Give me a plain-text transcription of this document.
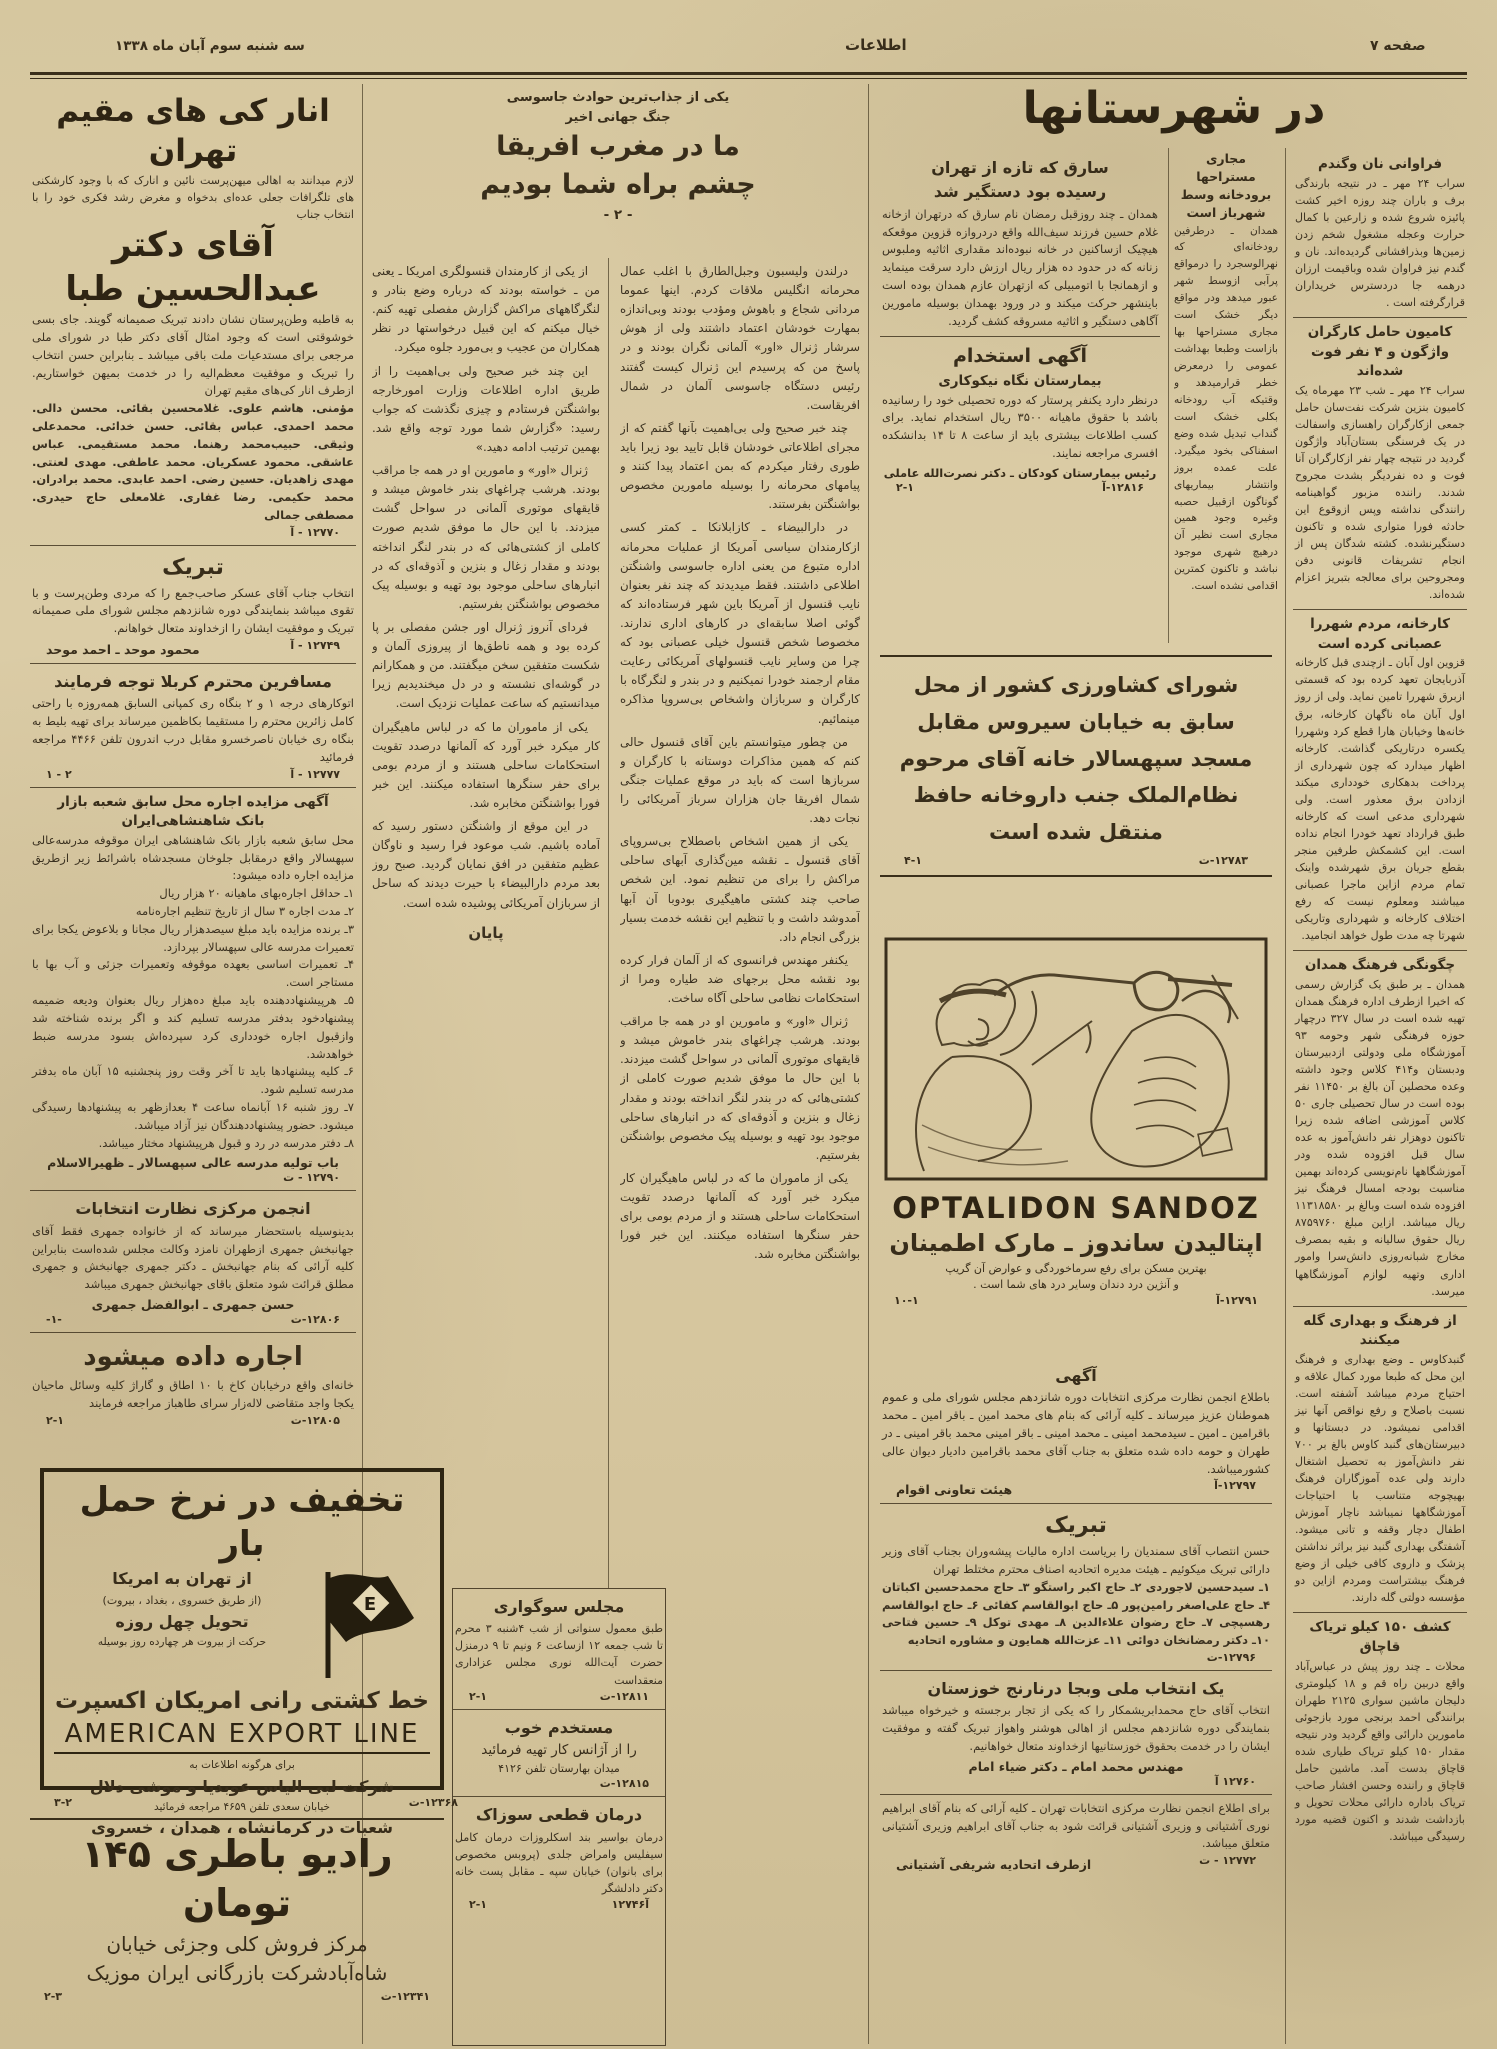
صفحه ۷
اطلاعات
سه شنبه سوم آبان ماه ۱۳۳۸
انار کی های مقیم تهران
لازم میدانند به اهالی میهن‌پرست نائین و انارک که با وجود کارشکنی های تلگرافات جعلی عده‌ای بدخواه و مغرض رشد فکری خود را با انتخاب جناب
آقای دکتر عبدالحسین طبا
به قاطبه وطن‌پرستان نشان دادند تبریک صمیمانه گویند. جای بسی خوشوقتی است که وجود امثال آقای دکتر طبا در شورای ملی مرجعی برای مستدعیات ملت باقی میباشد ـ بنابراین حسن انتخاب را تبریک و موفقیت معظم‌الیه را در خدمت بمیهن خواستاریم. ازطرف انار کی‌های مقیم تهران
مؤمنی. هاشم علوی. غلامحسین بقائی. محسن دالی. محمد احمدی. عباس بقائی. حسن خدائی. محمدعلی وثیقی. حبیب‌محمد رهنما. محمد مستقیمی. عباس عاشقی. محمود عسکریان. محمد عاطفی. مهدی لعنتی. مهدی زاهدیان. حسین رضی. احمد عابدی. محمد برادران. محمد حکیمی. رضا غفاری. غلامعلی حاج حیدری. مصطفی جمالی
۱۲۷۷۰ - آ
تبریک
انتخاب جناب آقای عسکر صاحب‌جمع را که مردی وطن‌پرست و با تقوی میباشد بنمایندگی دوره شانزدهم مجلس شورای ملی صمیمانه تبریک و موفقیت ایشان را ازخداوند متعال خواهانم.
۱۲۷۴۹ - آ
محمود موحد ـ احمد موحد
مسافرین محترم کربلا توجه فرمایند
اتوکارهای درجه ۱ و ۲ بنگاه ری کمپانی السابق همه‌روزه با راحتی کامل زائرین محترم را مستقیما بکاظمین میرساند برای تهیه بلیط به بنگاه ری خیابان ناصرخسرو مقابل درب اندرون تلفن ۴۴۶۶ مراجعه فرمائید
۱۲۷۷۷ - آ
۲ - ۱
آگهی مزایده اجاره محل سابق شعبه بازار
بانک شاهنشاهی‌ایران
محل سابق شعبه بازار بانک شاهنشاهی ایران موقوفه مدرسه‌عالی سپهسالار واقع درمقابل جلوخان مسجدشاه باشرائط زیر ازطریق مزایده اجاره داده میشود:
۱ـ حداقل اجاره‌بهای ماهیانه ۲۰ هزار ریال
۲ـ مدت اجاره ۳ سال از تاریخ تنظیم اجاره‌نامه
۳ـ برنده مزایده باید مبلغ سیصدهزار ریال مجانا و بلاعوض یکجا برای تعمیرات مدرسه عالی سپهسالار بپردازد.
۴ـ تعمیرات اساسی بعهده موقوفه وتعمیرات جزئی و آب بها با مستاجر است.
۵ـ هرپیشنهاددهنده باید مبلغ ده‌هزار ریال بعنوان ودیعه ضمیمه پیشنهادخود بدفتر مدرسه تسلیم کند و اگر برنده شناخته شد وازقبول اجاره خودداری کرد سپرده‌اش بسود مدرسه ضبط خواهدشد.
۶ـ کلیه پیشنهادها باید تا آخر وقت روز پنجشنبه ۱۵ آبان ماه بدفتر مدرسه تسلیم شود.
۷ـ روز شنبه ۱۶ آبانماه ساعت ۴ بعدازظهر به پیشنهادها رسیدگی میشود. حضور پیشنهاددهندگان نیز آزاد میباشد.
۸ـ دفتر مدرسه در رد و قبول هرپیشنهاد مختار میباشد.
باب تولیه مدرسه عالی سپهسالار ـ ظهیرالاسلام
۱۲۷۹۰ - ت
انجمن مرکزی نظارت انتخابات
بدینوسیله باستحضار میرساند که از خانواده جمهری فقط آقای جهانبخش جمهری ازطهران نامزد وکالت مجلس شده‌است بنابراین کلیه آرائی که بنام جهانبخش ـ دکتر جمهری جهانبخش و جمهری مطلق قرائت شود متعلق باقای جهانبخش جمهری میباشد
حسن جمهری ـ ابوالفضل جمهری
۱۲۸۰۶-ت
-۱-
اجاره داده میشود
خانه‌ای واقع درخیابان کاخ با ۱۰ اطاق و گاراژ کلیه وسائل ماحیان یکجا واجد متقاضی لاله‌زار سرای طاهباز مراجعه فرمایند
۱۲۸۰۵-ت
۲-۱
تخفیف در نرخ حمل بار
از تهران به امریکا
(از طریق خسروی ، بغداد ، بیروت)
تحویل چهل روزه
حرکت از بیروت هر چهارده روز بوسیله
E
خط کشتی رانی امریکان اکسپرت
AMERICAN EXPORT LINE
برای هرگونه اطلاعات به
شرکت لبی الیاس عوبدیا و موشی دلال
خیابان سعدی تلفن ۴۶۵۹ مراجعه فرمائید
شعبات در کرمانشاه ، همدان ، خسروی
۱۲۳۶۸-ت
۳-۲
رادیو باطری ۱۴۵ تومان
مرکز فروش کلی وجزئی خیابان
شاه‌آبادشرکت بازرگانی ایران موزیک
۱۲۳۴۱-ت
۲-۳
یکی از جذاب‌ترین حوادث جاسوسی
جنگ جهانی اخیر
ما در مغرب افریقا
چشم براه شما بودیم
- ۲ -

درلندن ولیسبون وجبل‌الطارق با اغلب عمال محرمانه انگلیس ملاقات کردم. اینها عموما مردانی شجاع و باهوش ومؤدب بودند وبی‌اندازه بمهارت خودشان اعتماد داشتند ولی از هوش سرشار ژنرال «اور» آلمانی نگران بودند و در پاسخ من که پرسیدم این ژنرال کیست گفتند رئیس دستگاه جاسوسی آلمان در شمال افریقاست.

چند خبر صحیح ولی بی‌اهمیت بآنها گفتم که از مجرای اطلاعاتی خودشان قابل تایید بود زیرا باید طوری رفتار میکردم که بمن اعتماد پیدا کنند و پیامهای محرمانه را بوسیله مامورین مخصوص بواشنگتن بفرستند.

در دارالبیضاء ـ کازابلانکا ـ کمتر کسی ازکارمندان سیاسی آمریکا از عملیات محرمانه اداره متبوع من یعنی اداره جاسوسی واشنگتن اطلاعی داشتند. فقط میدیدند که چند نفر بعنوان نایب قنسول از آمریکا باین شهر فرستاده‌اند که گوئی اصلا سابقه‌ای در کارهای اداری ندارند. مخصوصا شخص قنسول خیلی عصبانی بود که چرا من وسایر نایب قنسولهای آمریکائی رعایت مقام ارجمند خودرا نمیکنیم و در بندر و لنگرگاه با کارگران و سربازان واشخاص بی‌سروپا مذاکره مینمائیم.

من چطور میتوانستم باین آقای قنسول حالی کنم که همین مذاکرات دوستانه با کارگران و سربازها است که باید در موقع عملیات جنگی شمال افریقا جان هزاران سرباز آمریکائی را نجات دهد.

یکی از همین اشخاص باصطلاح بی‌سروپای آقای قنسول ـ نقشه مین‌گذاری آبهای ساحلی مراکش را برای من تنظیم نمود. این شخص صاحب چند کشتی ماهیگیری بودوبا آن آبها آمدوشد داشت و با تنظیم این نقشه خدمت بسیار بزرگی انجام داد.

یکنفر مهندس فرانسوی که از آلمان فرار کرده بود نقشه محل برجهای ضد طیاره ومرا از استحکامات نظامی ساحلی آگاه ساخت.

ژنرال «اور» و مامورین او در همه جا مراقب بودند. هرشب چراغهای بندر خاموش میشد و قایقهای موتوری آلمانی در سواحل گشت میزدند. با این حال ما موفق شدیم صورت کاملی از کشتی‌هائی که در بندر لنگر انداخته بودند و مقدار زغال و بنزین و آذوقه‌ای که در انبارهای ساحلی موجود بود تهیه و بوسیله پیک مخصوص بواشنگتن بفرستیم.

یکی از ماموران ما که در لباس ماهیگیران کار میکرد خبر آورد که آلمانها درصدد تقویت استحکامات ساحلی هستند و از مردم بومی برای حفر سنگرها استفاده میکنند. این خبر فورا بواشنگتن مخابره شد.

از یکی از کارمندان قنسولگری امریکا ـ یعنی من ـ خواسته بودند که درباره وضع بنادر و لنگرگاههای مراکش گزارش مفصلی تهیه کنم. خیال میکنم که این قبیل درخواستها در نظر همکاران من عجیب و بی‌مورد جلوه میکرد.

این چند خبر صحیح ولی بی‌اهمیت را از طریق اداره اطلاعات وزارت امورخارجه بواشنگتن فرستادم و چیزی نگذشت که جواب رسید: «گزارش شما مورد توجه واقع شد. بهمین ترتیب ادامه دهید.»

ژنرال «اور» و مامورین او در همه جا مراقب بودند. هرشب چراغهای بندر خاموش میشد و قایقهای موتوری آلمانی در سواحل گشت میزدند. با این حال ما موفق شدیم صورت کاملی از کشتی‌هائی که در بندر لنگر انداخته بودند و مقدار زغال و بنزین و آذوقه‌ای که در انبارهای ساحلی موجود بود تهیه و بوسیله پیک مخصوص بواشنگتن بفرستیم.

فردای آنروز ژنرال اور جشن مفصلی بر پا کرده بود و همه ناطق‌ها از پیروزی آلمان و شکست متفقین سخن میگفتند. من و همکارانم در گوشه‌ای نشسته و در دل میخندیدیم زیرا میدانستیم که ساعت عملیات نزدیک است.

یکی از ماموران ما که در لباس ماهیگیران کار میکرد خبر آورد که آلمانها درصدد تقویت استحکامات ساحلی هستند و از مردم بومی برای حفر سنگرها استفاده میکنند. این خبر فورا بواشنگتن مخابره شد.

در این موقع از واشنگتن دستور رسید که آماده باشیم. شب موعود فرا رسید و ناوگان عظیم متفقین در افق نمایان گردید. صبح روز بعد مردم دارالبیضاء با حیرت دیدند که ساحل از سربازان آمریکائی پوشیده شده است.

پایان
مجلس سوگواری
طبق معمول سنواتی از شب ۴شنبه ۳ محرم تا شب جمعه ۱۲ ازساعت ۶ ونیم تا ۹ درمنزل حضرت آیت‌الله نوری مجلس عزاداری منعقداست
۱۲۸۱۱-ت
۲-۱
مستخدم خوب
را از آژانس کار تهیه فرمائید
میدان بهارستان تلفن ۴۱۲۶
۱۲۸۱۵-ت
درمان قطعی سوزاک
درمان بواسیر بند اسکلروزات درمان کامل سیفلیس وامراض جلدی (پروبس مخصوص برای بانوان) خیابان سپه ـ مقابل پست خانه دکتر دادلشگر
آ۱۲۷۴۶
۲-۱
در شهرستانها
سارق که تازه از تهران
رسیده بود دستگیر شد
همدان ـ چند روزقبل رمضان نام سارق که درتهران ازخانه غلام حسین فرزند سیف‌الله واقع دردروازه قزوین موقعکه هیچیک ازساکنین در خانه نبوده‌اند مقداری اثاثیه وملبوس زنانه که در حدود ده هزار ریال ارزش دارد سرقت مینماید و ازهمانجا با اتومبیلی که ازتهران عازم همدان بوده است باینشهر حرکت میکند و در ورود بهمدان بوسیله مامورین آگاهی دستگیر و اثاثیه مسروقه کشف گردید.
آگهی استخدام
بیمارستان نگاه نیکوکاری
درنظر دارد یکنفر پرستار که دوره تحصیلی خود را رسانیده باشد با حقوق ماهیانه ۳۵۰۰ ریال استخدام نماید. برای کسب اطلاعات بیشتری باید از ساعت ۸ تا ۱۴ بدانشکده افسری مراجعه نمایند.
رئیس بیمارستان کودکان ـ دکتر نصرت‌الله عاملی
۱۲۸۱۶-آ
۲-۱
شورای کشاورزی کشور از محل سابق به خیابان سیروس مقابل مسجد سپهسالار خانه آقای مرحوم نظام‌الملک جنب داروخانه حافظ منتقل شده است
۱۲۷۸۳-ت
۴-۱
OPTALIDON SANDOZ
اپتالیدن ساندوز ـ مارک اطمینان
بهترین مسکن برای رفع سرماخوردگی و عوارض آن گریپ
و آنژین درد دندان وسایر درد های شما است .
۱۲۷۹۱-آ
۱۰-۱
آگهی
باطلاع انجمن نظارت مرکزی انتخابات دوره شانزدهم مجلس شورای ملی و عموم هموطنان عزیز میرساند ـ کلیه آرائی که بنام های محمد امین ـ باقر امین ـ محمد باقرامین ـ امین ـ سیدمحمد امینی ـ محمد امینی ـ باقر امینی محمد باقر امینی ـ در طهران و حومه داده شده متعلق به جناب آقای محمد باقرامین دادیار دیوان عالی کشورمیباشد.
۱۲۷۹۷-آ
هیئت تعاونی اقوام
تبریک
حسن انتصاب آقای سمندیان را بریاست اداره مالیات پیشه‌وران بجناب آقای وزیر دارائی تبریک میکوئیم ـ هیئت مدیره اتحادیه اصناف محترم مختلط تهران
۱ـ سیدحسین لاجوردی ۲ـ حاج اکبر راستگو ۳ـ حاج محمدحسین اکباتان ۴ـ حاج علی‌اصغر رامین‌پور ۵ـ حاج ابوالقاسم کفائی ۶ـ حاج ابوالقاسم رهسپچی ۷ـ حاج رضوان علاءالدین ۸ـ مهدی توکل ۹ـ حسین فتاحی ۱۰ـ دکتر رمضانخان دوائی ۱۱ـ عزت‌الله همایون و مشاوره اتحادیه
۱۲۷۹۶-ت
یک انتخاب ملی وبجا درنارنج خوزستان
انتخاب آقای حاج محمدابریشمکار را که یکی از تجار برجسته و خیرخواه میباشد بنمایندگی دوره شانزدهم مجلس از اهالی هوشنر واهواز تبریک گفته و موفقیت ایشان را در خدمت بحقوق خوزستانیها ازخداوند متعال خواهانیم.
مهندس محمد امام ـ دکتر ضیاء امام
۱۲۷۶۰ آ
برای اطلاع انجمن نظارت مرکزی انتخابات تهران ـ کلیه آرائی که بنام آقای ابراهیم نوری آشتیانی و وزیری آشتیانی قرائت شود به جناب آقای ابراهیم وزیری آشتیانی متعلق میباشد.
۱۲۷۷۲ - ت
ازطرف اتحادیه شریفی آشتیانی
مجاری مستراحها برودخانه وسط شهرباز است
همدان ـ درطرفین رودخانه‌ای که نهرالوسجرد را درمواقع پرآبی ازوسط شهر عبور میدهد ودر مواقع دیگر خشک است مجاری مستراحها بها بازاست وطبعا بهداشت عمومی را درمعرض خطر قرارمیدهد و وقتیکه آب رودخانه بکلی خشک است گنداب تبدیل شده وضع اسفناکی بخود میگیرد. علت عمده بروز وانتشار بیماریهای گوناگون ازقبیل حصبه وغیره وجود همین مجاری است نظیر آن درهیچ شهری موجود نباشد و تاکنون کمترین اقدامی نشده است.
فراوانی نان وگندم
سراب ۲۴ مهر ـ در نتیجه بارندگی برف و باران چند روزه اخیر کشت پائیزه شروع شده و زارعین با کمال حرارت وعجله مشغول شخم زدن زمین‌ها وبذرافشانی گردیده‌اند. نان و گندم نیز فراوان شده وباقیمت ارزان درهمه جا دردسترس خریداران قرارگرفته است .
کامیون حامل کارگران واژگون و ۴ نفر فوت شده‌اند
سراب ۲۴ مهر ـ شب ۲۳ مهرماه یک کامیون بنزین شرکت نفت‌سان حامل جمعی ازکارگران راهسازی واسفالت در یک فرسنگی بستان‌آباد واژگون گردید در نتیجه چهار نفر ازکارگران آنا فوت و ده نفردیگر بشدت مجروح شدند. راننده مزبور گواهینامه رانندگی نداشته وپس ازوقوع این حادثه فورا متواری شده و تاکنون دستگیرنشده. کشته شدگان پس از انجام تشریفات قانونی دفن ومجروحین برای معالجه بتبریز اعزام شده‌اند.
کارخانه، مردم شهررا عصبانی کرده است
قزوین اول آبان ـ ازچندی قبل کارخانه آذربایجان تعهد کرده بود که قسمتی ازبرق شهررا تامین نماید. ولی از روز اول آبان ماه ناگهان کارخانه، برق خانه‌ها وخیابان هارا قطع کرد وشهررا یکسره درتاریکی گذاشت. کارخانه اظهار میدارد که چون شهرداری از پرداخت بدهکاری خودداری میکند ازدادن برق معذور است. ولی شهرداری مدعی است که کارخانه طبق قرارداد تعهد خودرا انجام نداده است. این کشمکش طرفین منجر بقطع جریان برق شهرشده واینک تمام مردم ازاین ماجرا عصبانی میباشند ومعلوم نیست که رفع اختلاف کارخانه و شهرداری وتاریکی شهرتا چه مدت طول خواهد انجامید.
چگونگی فرهنگ همدان
همدان ـ بر طبق یک گزارش رسمی که اخیرا ازطرف اداره فرهنگ همدان تهیه شده است در سال ۳۲۷ درچهار حوزه فرهنگی شهر وحومه ۹۳ آموزشگاه ملی ودولتی ازدبیرستان ودبستان و۴۱۴ کلاس وجود داشته وعده محصلین آن بالغ بر ۱۱۴۵۰ نفر بوده است در سال تحصیلی جاری ۵۰ کلاس آموزشی اضافه شده زیرا تاکنون دوهزار نفر دانش‌آموز به عده سال قبل افزوده شده ودر آموزشگاهها نام‌نویسی کرده‌اند بهمین مناسبت بودجه امسال فرهنگ نیز افزوده شده است وبالغ بر ۱۱۳۱۸۵۸۰ ریال میباشد. ازاین مبلغ ۸۷۵۹۷۶۰ ریال حقوق سالیانه و بقیه بمصرف مخارج شبانه‌روزی دانش‌سرا وامور اداری وتهیه لوازم آموزشگاهها میرسد.
از فرهنگ و بهداری گله میکنند
گنبدکاوس ـ وضع بهداری و فرهنگ این محل که طبعا مورد کمال علاقه و احتیاج مردم میباشد آشفته است. نسبت باصلاح و رفع نواقص آنها نیز اقدامی نمیشود. در دبستانها و دبیرستان‌های گنبد کاوس بالغ بر ۷۰۰ نفر دانش‌آموز به تحصیل اشتغال دارند ولی عده آموزگاران فرهنگ بهیچوجه متناسب با احتیاجات آموزشگاهها نمیباشد ناچار آموزش اطفال دچار وقفه و تانی میشود. آشفتگی بهداری گنبد نیز براثر نداشتن پزشک و داروی کافی خیلی از وضع فرهنگ بیشتراست ومردم ازاین دو مؤسسه دولتی گله دارند.
کشف ۱۵۰ کیلو تریاک قاچاق
محلات ـ چند روز پیش در عباس‌آباد واقع دربین راه قم و ۱۸ کیلومتری دلیجان ماشین سواری ۲۱۲۵ طهران برانندگی احمد برنجی مورد بازجوئی مامورین دارائی واقع گردید ودر نتیجه مقدار ۱۵۰ کیلو تریاک طیاری شده قاچاق بدست آمد. ماشین حامل قاچاق و راننده وحسن افشار صاحب تریاک باداره دارائی محلات تحویل و بازداشت شدند و اکنون قضیه مورد رسیدگی میباشد.
